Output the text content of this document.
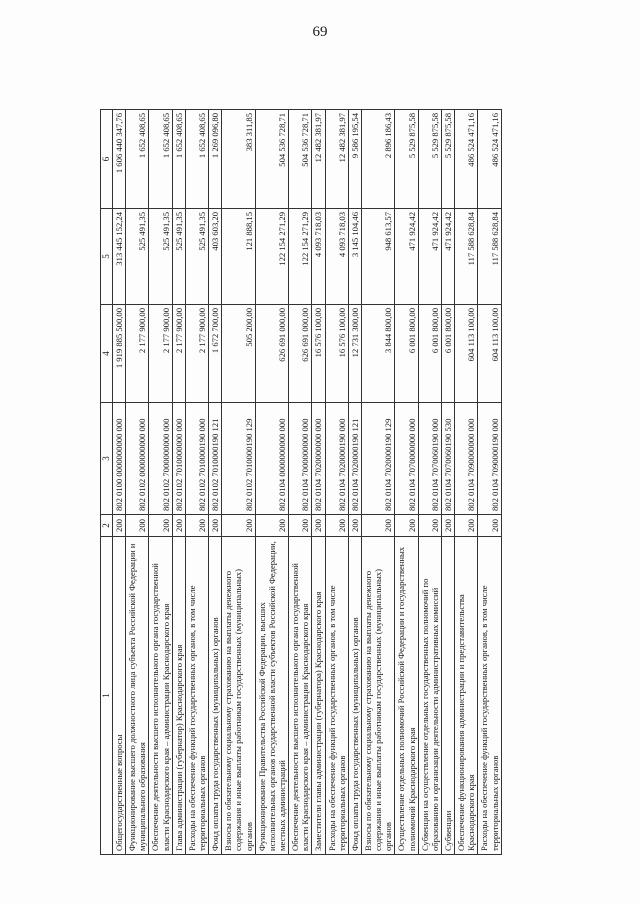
69
1	2	3	4	5	6
Общегосударственные вопросы	200	802 0100 0000000000 000	1 919 885 500,00	313 445 152,24	1 606 440 347,76
Функционирование высшего должностного лица субъекта Российской Федерации и муниципального образования	200	802 0102 0000000000 000	2 177 900,00	525 491,35	1 652 408,65
Обеспечение деятельности высшего исполнительного органа государственной власти Краснодарского края – администрации Краснодарского края	200	802 0102 7000000000 000	2 177 900,00	525 491,35	1 652 408,65
Глава администрации (губернатор) Краснодарского края	200	802 0102 7010000000 000	2 177 900,00	525 491,35	1 652 408,65
Расходы на обеспечение функций государственных органов, в том числе территориальных органов	200	802 0102 7010000190 000	2 177 900,00	525 491,35	1 652 408,65
Фонд оплаты труда государственных (муниципальных) органов	200	802 0102 7010000190 121	1 672 700,00	403 603,20	1 269 096,80
Взносы по обязательному социальному страхованию на выплаты денежного содержания и иные выплаты работникам государственных (муниципальных) органов	200	802 0102 7010000190 129	505 200,00	121 888,15	383 311,85
Функционирование Правительства Российской Федерации, высших исполнительных органов государственной власти субъектов Российской Федерации, местных администраций	200	802 0104 0000000000 000	626 691 000,00	122 154 271,29	504 536 728,71
Обеспечение деятельности высшего исполнительного органа государственной власти Краснодарского края – администрации Краснодарского края	200	802 0104 7000000000 000	626 691 000,00	122 154 271,29	504 536 728,71
Заместители главы администрации (губернатора) Краснодарского края	200	802 0104 7020000000 000	16 576 100,00	4 093 718,03	12 482 381,97
Расходы на обеспечение функций государственных органов, в том числе территориальных органов	200	802 0104 7020000190 000	16 576 100,00	4 093 718,03	12 482 381,97
Фонд оплаты труда государственных (муниципальных) органов	200	802 0104 7020000190 121	12 731 300,00	3 145 104,46	9 586 195,54
Взносы по обязательному социальному страхованию на выплаты денежного содержания и иные выплаты работникам государственных (муниципальных) органов	200	802 0104 7020000190 129	3 844 800,00	948 613,57	2 896 186,43
Осуществление отдельных полномочий Российской Федерации и государственных полномочий Краснодарского края	200	802 0104 7070000000 000	6 001 800,00	471 924,42	5 529 875,58
Субвенции на осуществление отдельных государственных полномочий по образованию и организации деятельности административных комиссий	200	802 0104 7070060190 000	6 001 800,00	471 924,42	5 529 875,58
Субвенции	200	802 0104 7070060190 530	6 001 800,00	471 924,42	5 529 875,58
Обеспечение функционирования администрации и представительства Краснодарского края	200	802 0104 7090000000 000	604 113 100,00	117 588 628,84	486 524 471,16
Расходы на обеспечение функций государственных органов, в том числе территориальных органов	200	802 0104 7090000190 000	604 113 100,00	117 588 628,84	486 524 471,16
